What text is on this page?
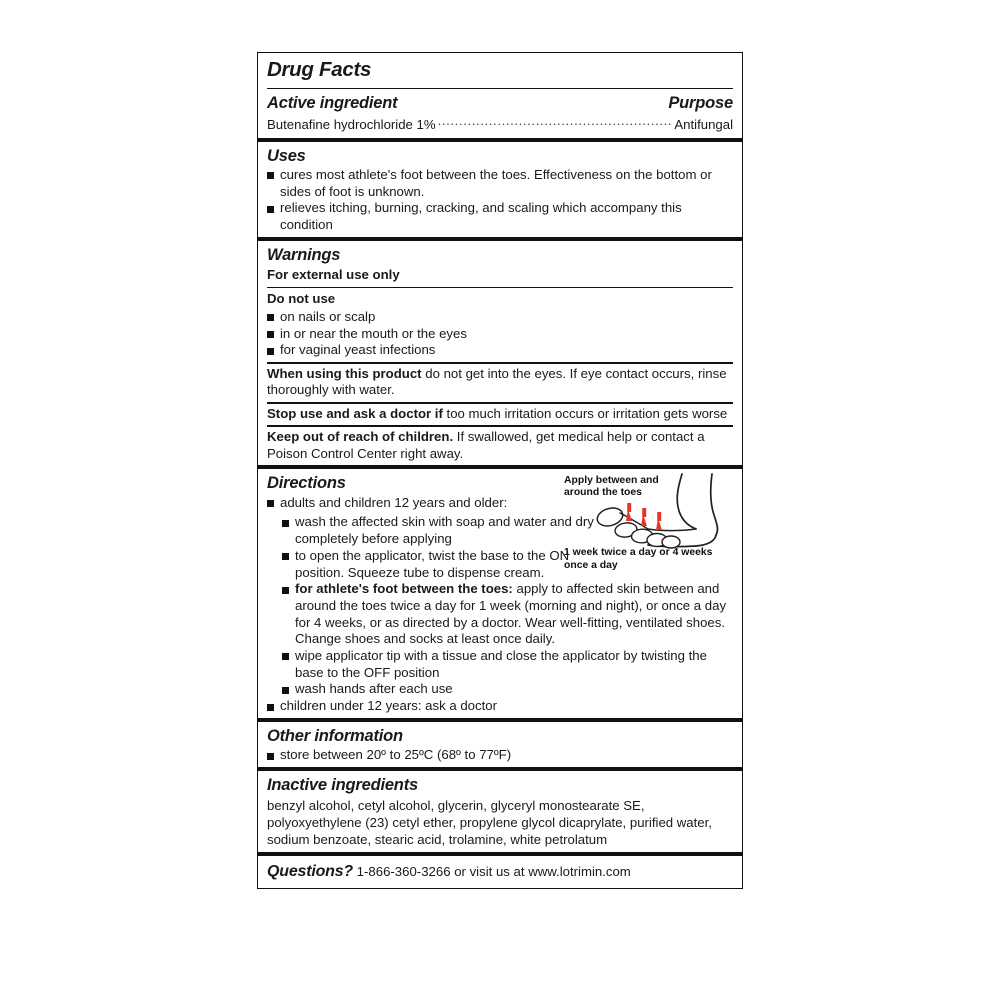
Drug Facts
Active ingredient	Purpose
Butenafine hydrochloride 1% .....	Antifungal
Uses
cures most athlete's foot between the toes. Effectiveness on the bottom or sides of foot is unknown.
relieves itching, burning, cracking, and scaling which accompany this condition
Warnings
For external use only
Do not use
on nails or scalp
in or near the mouth or the eyes
for vaginal yeast infections
When using this product do not get into the eyes. If eye contact occurs, rinse thoroughly with water.
Stop use and ask a doctor if too much irritation occurs or irritation gets worse
Keep out of reach of children. If swallowed, get medical help or contact a Poison Control Center right away.
Directions	Apply between and around the toes
1 week twice a day or 4 weeks once a day
adults and children 12 years and older:
wash the affected skin with soap and water and dry completely before applying
to open the applicator, twist the base to the ON position. Squeeze tube to dispense cream.
for athlete's foot between the toes: apply to affected skin between and around the toes twice a day for 1 week (morning and night), or once a day for 4 weeks, or as directed by a doctor. Wear well-fitting, ventilated shoes. Change shoes and socks at least once daily.
wipe applicator tip with a tissue and close the applicator by twisting the base to the OFF position
wash hands after each use
children under 12 years: ask a doctor
Other information
store between 20º to 25ºC (68º to 77ºF)
Inactive ingredients
benzyl alcohol, cetyl alcohol, glycerin, glyceryl monostearate SE, polyoxyethylene (23) cetyl ether, propylene glycol dicaprylate, purified water, sodium benzoate, stearic acid, trolamine, white petrolatum
Questions? 1-866-360-3266 or visit us at www.lotrimin.com
